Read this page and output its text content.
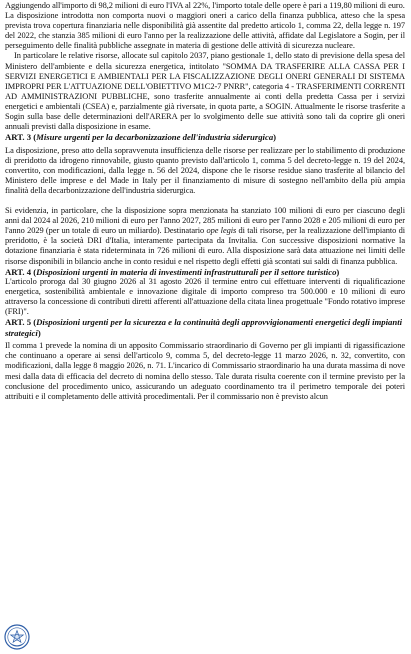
Aggiungendo all'importo di 98,2 milioni di euro l'IVA al 22%, l'importo totale delle opere è pari a 119,80 milioni di euro.

La disposizione introdotta non comporta nuovi o maggiori oneri a carico della finanza pubblica, atteso che la spesa prevista trova copertura finanziaria nelle disponibilità già assentite dal predetto articolo 1, comma 22, della legge n. 197 del 2022, che stanzia 385 milioni di euro l'anno per la realizzazione delle attività, affidate dal Legislatore a Sogin, per il perseguimento delle finalità pubbliche assegnate in materia di gestione delle attività di sicurezza nucleare.

In particolare le relative risorse, allocate sul capitolo 2037, piano gestionale 1, dello stato di previsione della spesa del Ministero dell'ambiente e della sicurezza energetica, intitolato "SOMMA DA TRASFERIRE ALLA CASSA PER I SERVIZI ENERGETICI E AMBIENTALI PER LA FISCALIZZAZIONE DEGLI ONERI GENERALI DI SISTEMA IMPROPRI PER L'ATTUAZIONE DELL'OBIETTIVO M1C2-7 PNRR", categoria 4 - TRASFERIMENTI CORRENTI AD AMMINISTRAZIONI PUBBLICHE, sono trasferite annualmente ai conti della predetta Cassa per i servizi energetici e ambientali (CSEA) e, parzialmente già riversate, in quota parte, a SOGIN. Attualmente le risorse trasferite a Sogin sulla base delle determinazioni dell'ARERA per lo svolgimento delle sue attività sono tali da coprire gli oneri annuali previsti dalla disposizione in esame.

ART. 3 (Misure urgenti per la decarbonizzazione dell'industria siderurgica)

La disposizione, preso atto della sopravvenuta insufficienza delle risorse per realizzare per lo stabilimento di produzione di preridotto da idrogeno rinnovabile, giusto quanto previsto dall'articolo 1, comma 5 del decreto-legge n. 19 del 2024, convertito, con modificazioni, dalla legge n. 56 del 2024, dispone che le risorse residue siano trasferite al bilancio del Ministero delle imprese e del Made in Italy per il finanziamento di misure di sostegno nell'ambito della più ampia finalità della decarbonizzazione dell'industria siderurgica.

Si evidenzia, in particolare, che la disposizione sopra menzionata ha stanziato 100 milioni di euro per ciascuno degli anni dal 2024 al 2026, 210 milioni di euro per l'anno 2027, 285 milioni di euro per l'anno 2028 e 205 milioni di euro per l'anno 2029 (per un totale di euro un miliardo). Destinatario ope legis di tali risorse, per la realizzazione dell'impianto di preridotto, è la società DRI d'Italia, interamente partecipata da Invitalia. Con successive disposizioni normative la dotazione finanziaria è stata rideterminata in 726 milioni di euro. Alla disposizione sarà data attuazione nei limiti delle risorse disponibili in bilancio anche in conto residui e nel rispetto degli effetti già scontati sui saldi di finanza pubblica.

ART. 4 (Disposizioni urgenti in materia di investimenti infrastrutturali per il settore turistico)

L'articolo proroga dal 30 giugno 2026 al 31 agosto 2026 il termine entro cui effettuare interventi di riqualificazione energetica, sostenibilità ambientale e innovazione digitale di importo compreso tra 500.000 e 10 milioni di euro attraverso la concessione di contributi diretti afferenti all'attuazione della citata linea progettuale "Fondo rotativo imprese (FRI)".

ART. 5 (Disposizioni urgenti per la sicurezza e la continuità degli approvvigionamenti energetici degli impianti strategici)

Il comma 1 prevede la nomina di un apposito Commissario straordinario di Governo per gli impianti di rigassificazione che continuano a operare ai sensi dell'articolo 9, comma 5, del decreto-legge 11 marzo 2026, n. 32, convertito, con modificazioni, dalla legge 8 maggio 2026, n. 71. L'incarico di Commissario straordinario ha una durata massima di nove mesi dalla data di efficacia del decreto di nomina dello stesso. Tale durata risulta coerente con il termine previsto per la conclusione del procedimento unico, assicurando un adeguato coordinamento tra il perimetro temporale dei poteri attribuiti e il completamento delle attività procedimentali. Per il commissario non è previsto alcun
